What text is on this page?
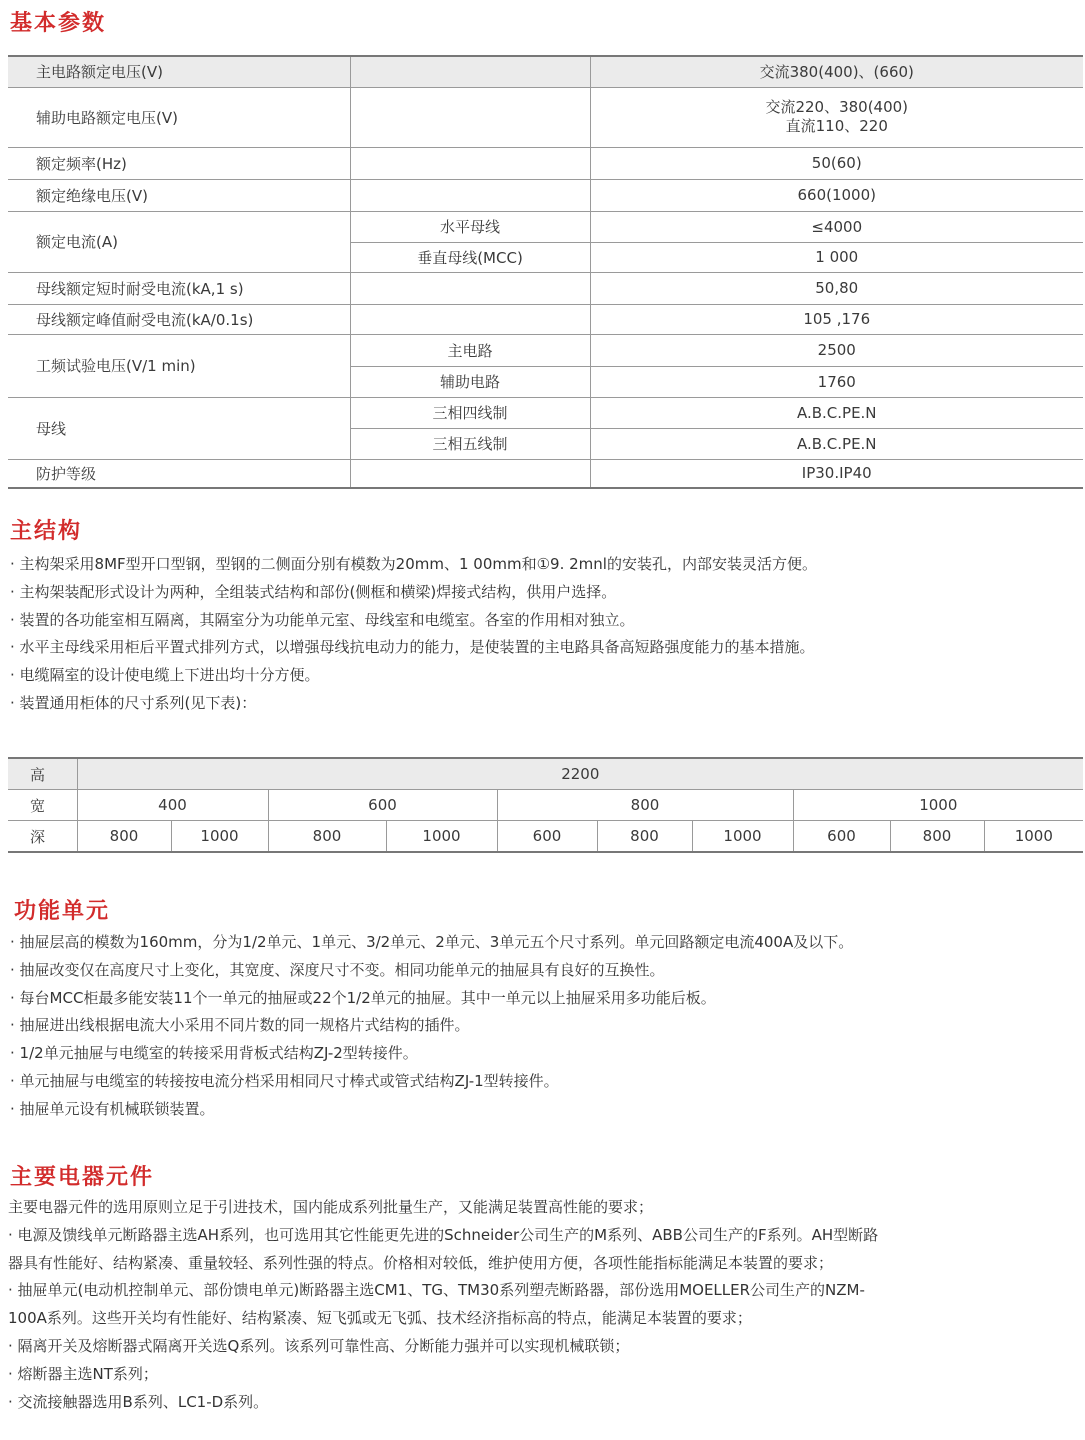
基本参数
主电路额定电压(V)		交流380(400)、(660)
辅助电路额定电压(V)		交流220、380(400)
直流110、220

额定频率(Hz)		50(60)
额定绝缘电压(V)		660(1000)
额定电流(A)	水平母线	≤4000
	垂直母线(MCC)	1 000
母线额定短时耐受电流(kA,1 s)		50,80
母线额定峰值耐受电流(kA/0.1s)		105 ,176
工频试验电压(V/1 min)	主电路	2500
	辅助电路	1760
母线	三相四线制	A.B.C.PE.N
	三相五线制	A.B.C.PE.N
防护等级		IP30.IP40
主结构
· 主构架采用8MF型开口型钢，型钢的二侧面分别有模数为20mm、1 00mm和①9. 2mnl的安装孔，内部安装灵活方便。
· 主构架装配形式设计为两种，全组装式结构和部份(侧框和横梁)焊接式结构，供用户选择。
· 装置的各功能室相互隔离，其隔室分为功能单元室、母线室和电缆室。各室的作用相对独立。
· 水平主母线采用柜后平置式排列方式，以增强母线抗电动力的能力，是使装置的主电路具备高短路强度能力的基本措施。
· 电缆隔室的设计使电缆上下进出均十分方便。
· 装置通用柜体的尺寸系列(见下表)：
高	2200									
宽	400		600		800			1000		
深	800	1000	800	1000	600	800	1000	600	800	1000
功能单元
· 抽屉层高的模数为160mm，分为1/2单元、1单元、3/2单元、2单元、3单元五个尺寸系列。单元回路额定电流400A及以下。
· 抽屉改变仅在高度尺寸上变化，其宽度、深度尺寸不变。相同功能单元的抽屉具有良好的互换性。
· 每台MCC柜最多能安装11个一单元的抽屉或22个1/2单元的抽屉。其中一单元以上抽屉采用多功能后板。
· 抽屉进出线根据电流大小采用不同片数的同一规格片式结构的插件。
· 1/2单元抽屉与电缆室的转接采用背板式结构ZJ-2型转接件。
· 单元抽屉与电缆室的转接按电流分档采用相同尺寸棒式或管式结构ZJ-1型转接件。
· 抽屉单元设有机械联锁装置。
主要电器元件
主要电器元件的选用原则立足于引进技术，国内能成系列批量生产，又能满足装置高性能的要求；
· 电源及馈线单元断路器主选AH系列，也可选用其它性能更先进的Schneider公司生产的M系列、ABB公司生产的F系列。AH型断路
器具有性能好、结构紧凑、重量较轻、系列性强的特点。价格相对较低，维护使用方便，各项性能指标能满足本装置的要求；
· 抽屉单元(电动机控制单元、部份馈电单元)断路器主选CM1、TG、TM30系列塑壳断路器，部份选用MOELLER公司生产的NZM-
100A系列。这些开关均有性能好、结构紧凑、短飞弧或无飞弧、技术经济指标高的特点，能满足本装置的要求；
· 隔离开关及熔断器式隔离开关选Q系列。该系列可靠性高、分断能力强并可以实现机械联锁；
· 熔断器主选NT系列；
· 交流接触器选用B系列、LC1-D系列。
